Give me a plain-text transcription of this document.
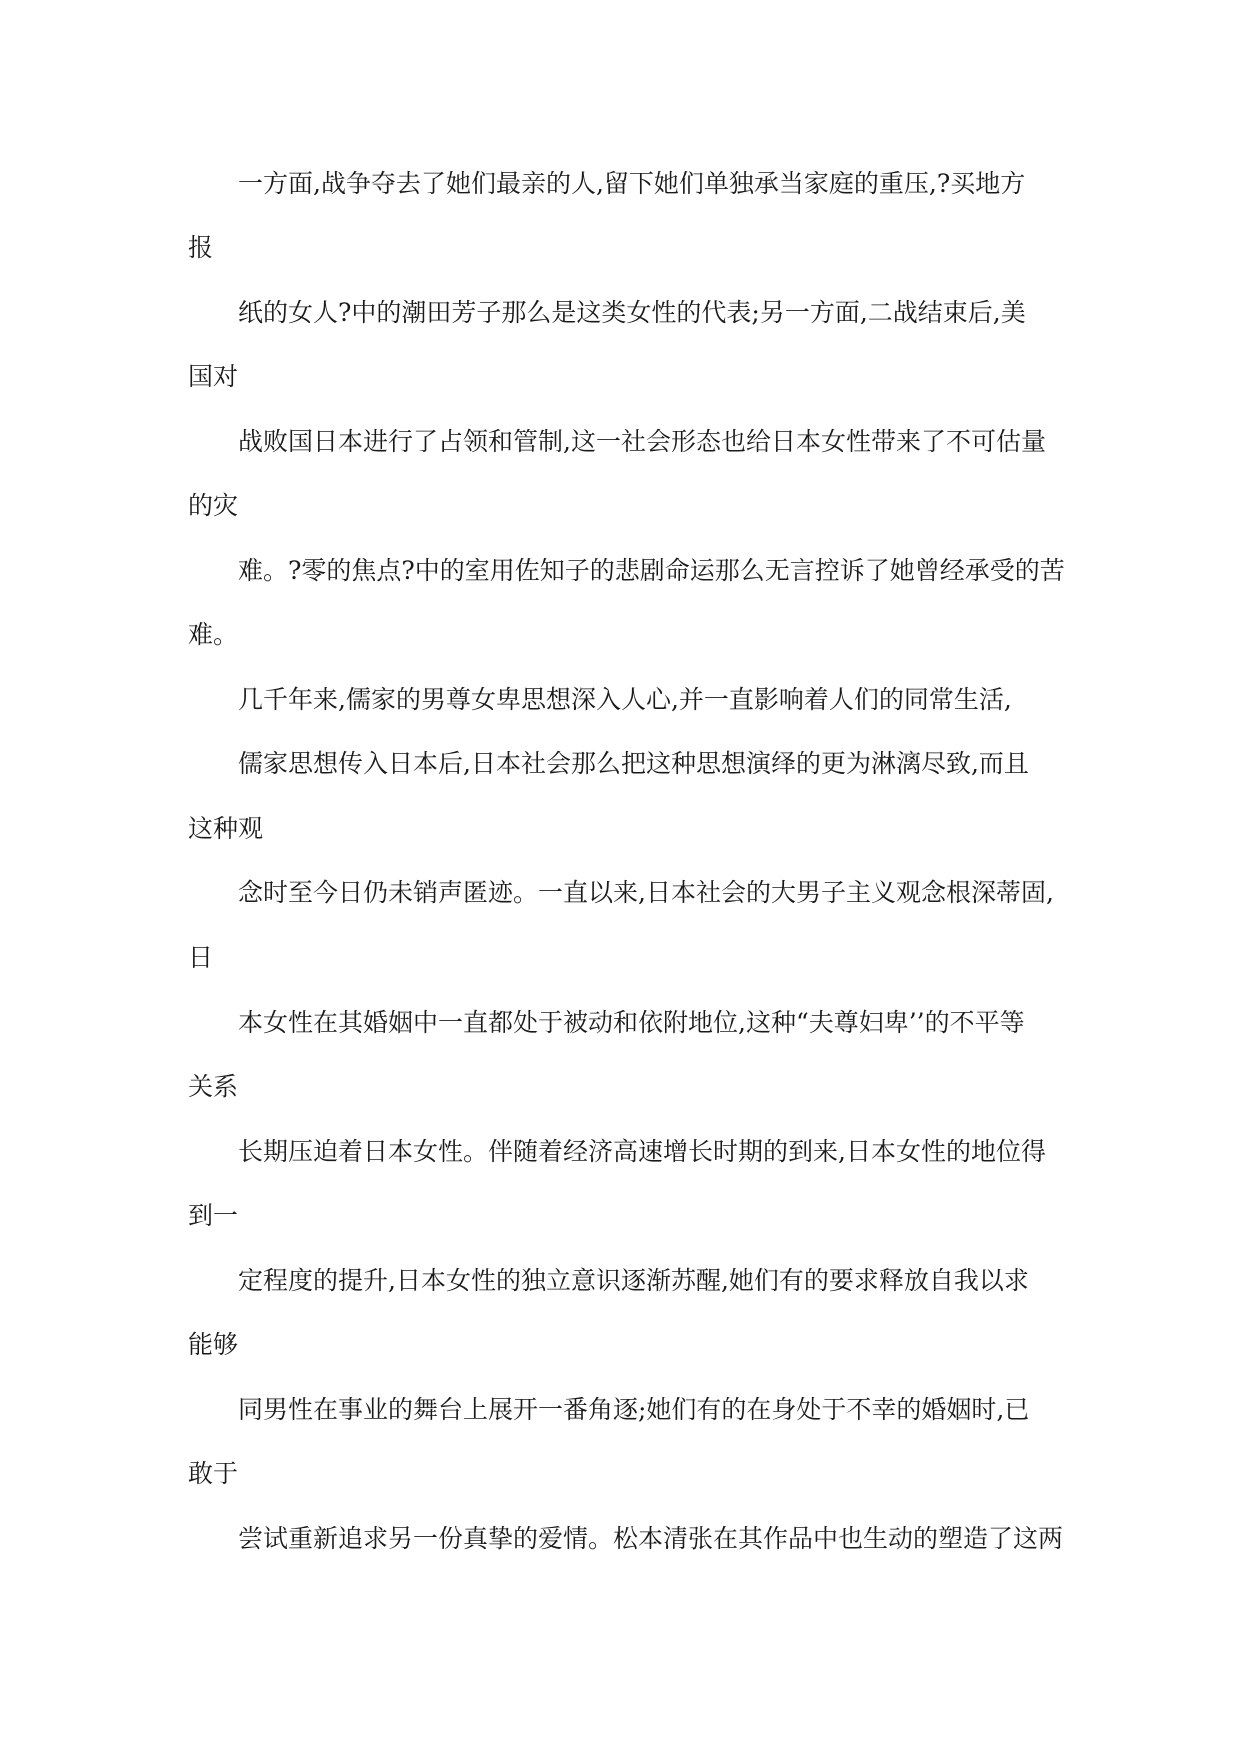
一方面,战争夺去了她们最亲的人,留下她们单独承当家庭的重压,?买地方

报

纸的女人?中的潮田芳子那么是这类女性的代表;另一方面,二战结束后,美

国对

战败国日本进行了占领和管制,这一社会形态也给日本女性带来了不可估量

的灾

难。?零的焦点?中的室用佐知子的悲剧命运那么无言控诉了她曾经承受的苦

难。

几千年来,儒家的男尊女卑思想深入人心,并一直影响着人们的同常生活,

儒家思想传入日本后,日本社会那么把这种思想演绎的更为淋漓尽致,而且

这种观

念时至今日仍未销声匿迹。一直以来,日本社会的大男子主义观念根深蒂固,

日

本女性在其婚姻中一直都处于被动和依附地位,这种“夫尊妇卑’’的不平等

关系

长期压迫着日本女性。伴随着经济高速增长时期的到来,日本女性的地位得

到一

定程度的提升,日本女性的独立意识逐渐苏醒,她们有的要求释放自我以求

能够

同男性在事业的舞台上展开一番角逐;她们有的在身处于不幸的婚姻时,已

敢于

尝试重新追求另一份真挚的爱情。松本清张在其作品中也生动的塑造了这两
